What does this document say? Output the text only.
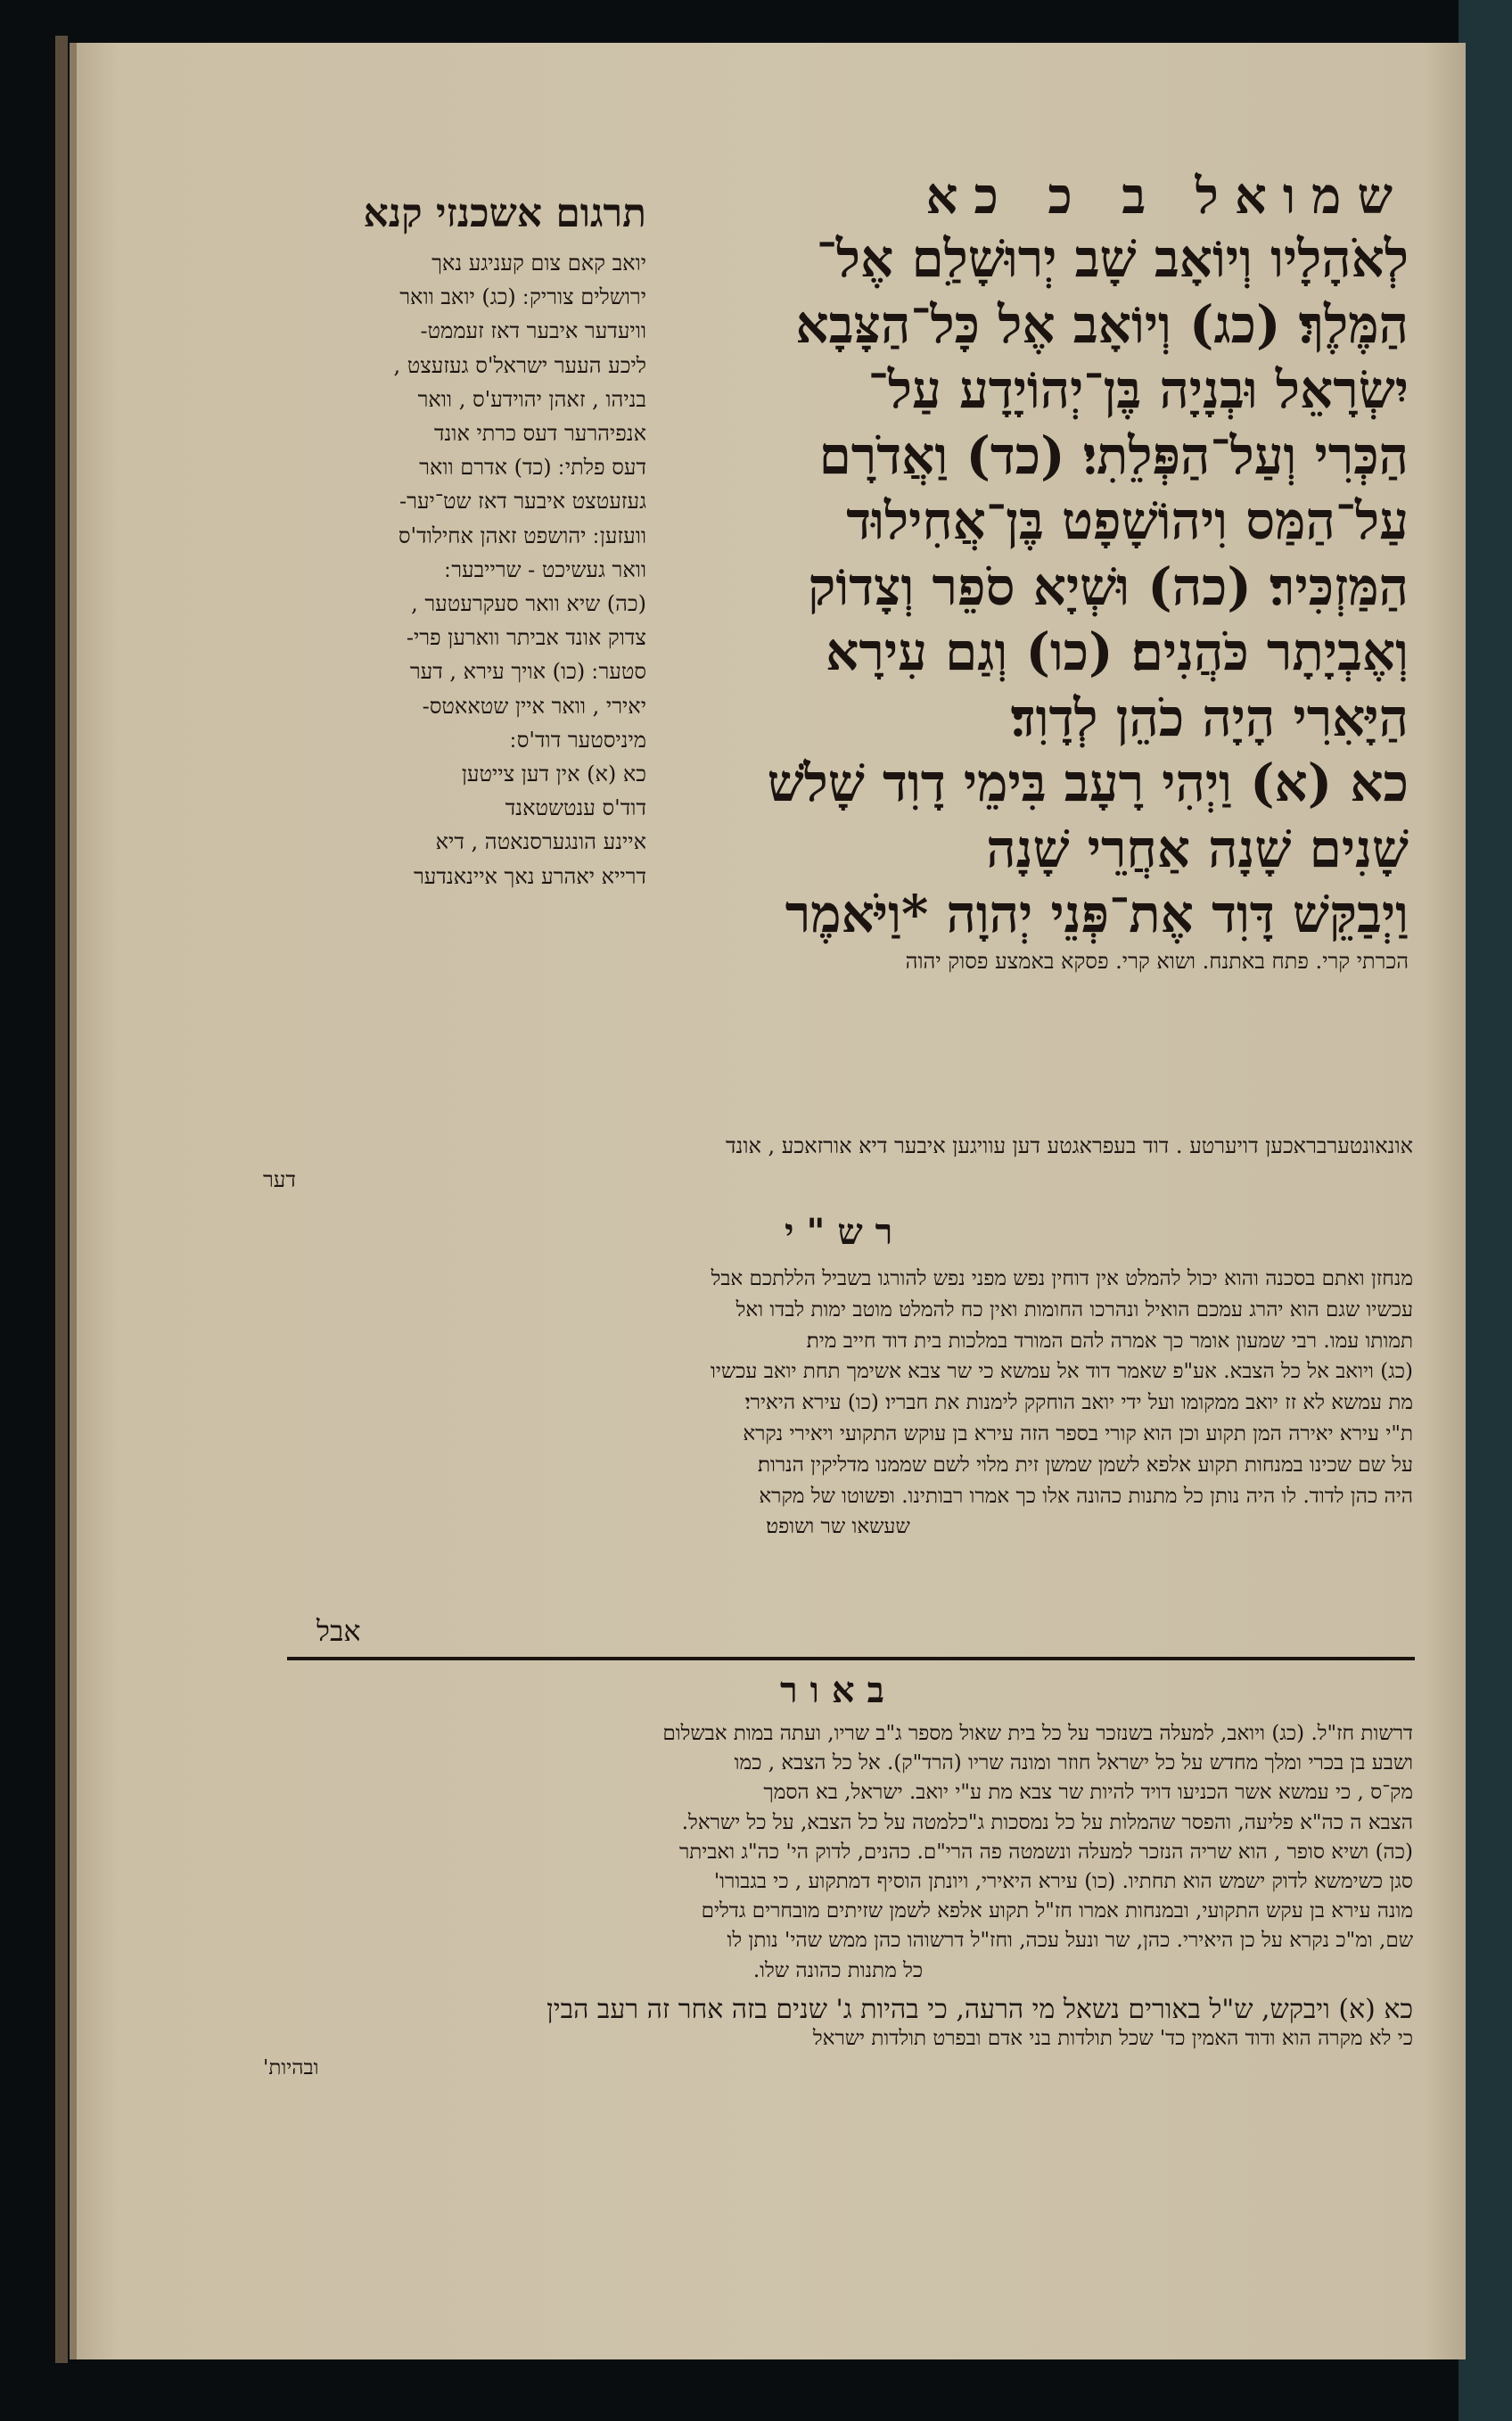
שמואל ב כ כא
לְאֹהָלָיו וְיוֹאָב שָׁב יְרוּשָׁלִַם אֶל־
הַמֶּלֶךְ׃ (כג) וְיוֹאָב אֶל כָּל־הַצָּבָא
יִשְׂרָאֵל וּבְנָיָה בֶּן־יְהוֹיָדָע עַל־
הַכְּרִי וְעַל־הַפְּלֵתִי׃ (כד) וַאֲדֹרָם
עַל־הַמַּס וִיהוֹשָׁפָט בֶּן־אֲחִילוּד
הַמַּזְכִּיר׃ (כה) וּשְׁיָא סֹפֵר וְצָדוֹק
וְאֶבְיָתָר כֹּהֲנִים׃ (כו) וְגַם עִירָא
הַיָּאִרִי הָיָה כֹהֵן לְדָוִד׃
כא (א) וַיְהִי רָעָב בִּימֵי דָוִד שָׁלֹשׁ
שָׁנִים שָׁנָה אַחֲרֵי שָׁנָה
וַיְבַקֵּשׁ דָּוִד אֶת־פְּנֵי יְהוָה *וַיֹּאמֶר
הכרתי קרי. פתח באתנח. ושוא קרי. פסקא באמצע פסוק יהוה
תרגום אשכנזי קנא
יואב קאם צום קעניגע נאך
ירושלים צוריק ׃ (כג) יואב וואר
וויעדער איבער דאז זעממט-
ליכע העער ישראל'ס געזעצט ,
בניהו , זאהן יהוידע'ס , וואר
אנפיהרער דעס כרתי אונד
דעס פלתי ׃ (כד) אדרם וואר
געזעטצט איבער דאז שט־יער-
וועזען ׃ יהושפט זאהן אחילוד'ס
וואר געשיכט - שרייבער ׃
(כה) שיא וואר סעקרעטער ,
צדוק אונד אביתר ווארען פרי-
סטער ׃ (כו) אויך עירא , דער
יאירי , וואר איין שטאאטס-
מיניסטער דוד'ס ׃
כא (א) אין דען צייטען
דוד'ס ענטשטאנד
איינע הונגערסנאטה , דיא
דרייא יאהרע נאך איינאנדער
אונאונטערבראכען דויערטע . דוד בעפראגטע דען עוויגען איבער דיא אורזאכע , אונד
דער
רש"י
מנחזן ואתם בסכנה והוא יכול להמלט אין דוחין נפש מפני נפש להורגו בשביל הללתכם אבל
עכשיו שגם הוא יהרג עמכם הואיל ונהרכו החומות ואין כח להמלט מוטב ימות לבדו ואל
תמותו עמו. רבי שמעון אומר כך אמרה להם המורד במלכות בית דוד חייב מית׃
(כג) ויואב אל כל הצבא. אע"פ שאמר דוד אל עמשא כי שר צבא אשימך תחת יואב עכשיו
מת עמשא לא זז יואב ממקומו ועל ידי יואב הוחקק לימנות את חבריו׃ (כו) עירא היאירי׃
ת"י עירא יאירה המן תקוע וכן הוא קורי בספר הזה עירא בן עוקש התקועי ויאירי נקרא
על שם שכינו במנחות תקוע אלפא לשמן שמשן זית מלוי לשם שממנו מדליקין הנרות׃
היה כהן לדוד. לו היה נותן כל מתנות כהונה אלו כך אמרו רבותינו. ופשוטו של מקרא
שעשאו שר ושופט׃
אבל
באור
דרשות חז"ל. (כג) ויואב, למעלה בשנזכר על כל בית שאול מספר ג"ב שריו, ועתה במות אבשלום
ושבע בן בכרי ומלך מחדש על כל ישראל חוזר ומונה שריו (הרד"ק). אל כל הצבא , כמו
מק־ס , כי עמשא אשר הכניעו דויד להיות שר צבא מת ע"י יואב. ישראל, בא הסמך
הצבא ה כה"א פליעה, והפסר שהמלות על כל נמסכות ג"כלמטה על כל הצבא, על כל ישראל.
(כה) ושיא סופר , הוא שריה הנזכר למעלה ונשמטה פה הרי"ם. כהנים, לדוק הי' כה"ג ואביתר
סגן כשימשא לדוק ישמש הוא תחתיו. (כו) עירא היאירי, ויונתן הוסיף דמתקוע , כי בגבורו'
מונה עירא בן עקש התקועי, ובמנחות אמרו חז"ל תקוע אלפא לשמן שזיתים מובחרים גדלים
שם, ומ"כ נקרא על כן היאירי. כהן, שר ונעל עכה, וחז"ל דרשוהו כהן ממש שהי' נותן לו
כל מתנות כהונה שלו.
כא (א) ויבקש, ש"ל באורים נשאל מי הרעה, כי בהיות ג' שנים בזה אחר זה רעב הבין
כי לא מקרה הוא ודוד האמין כד' שכל תולדות בני אדם ובפרט תולדות ישראל
ובהיות'
